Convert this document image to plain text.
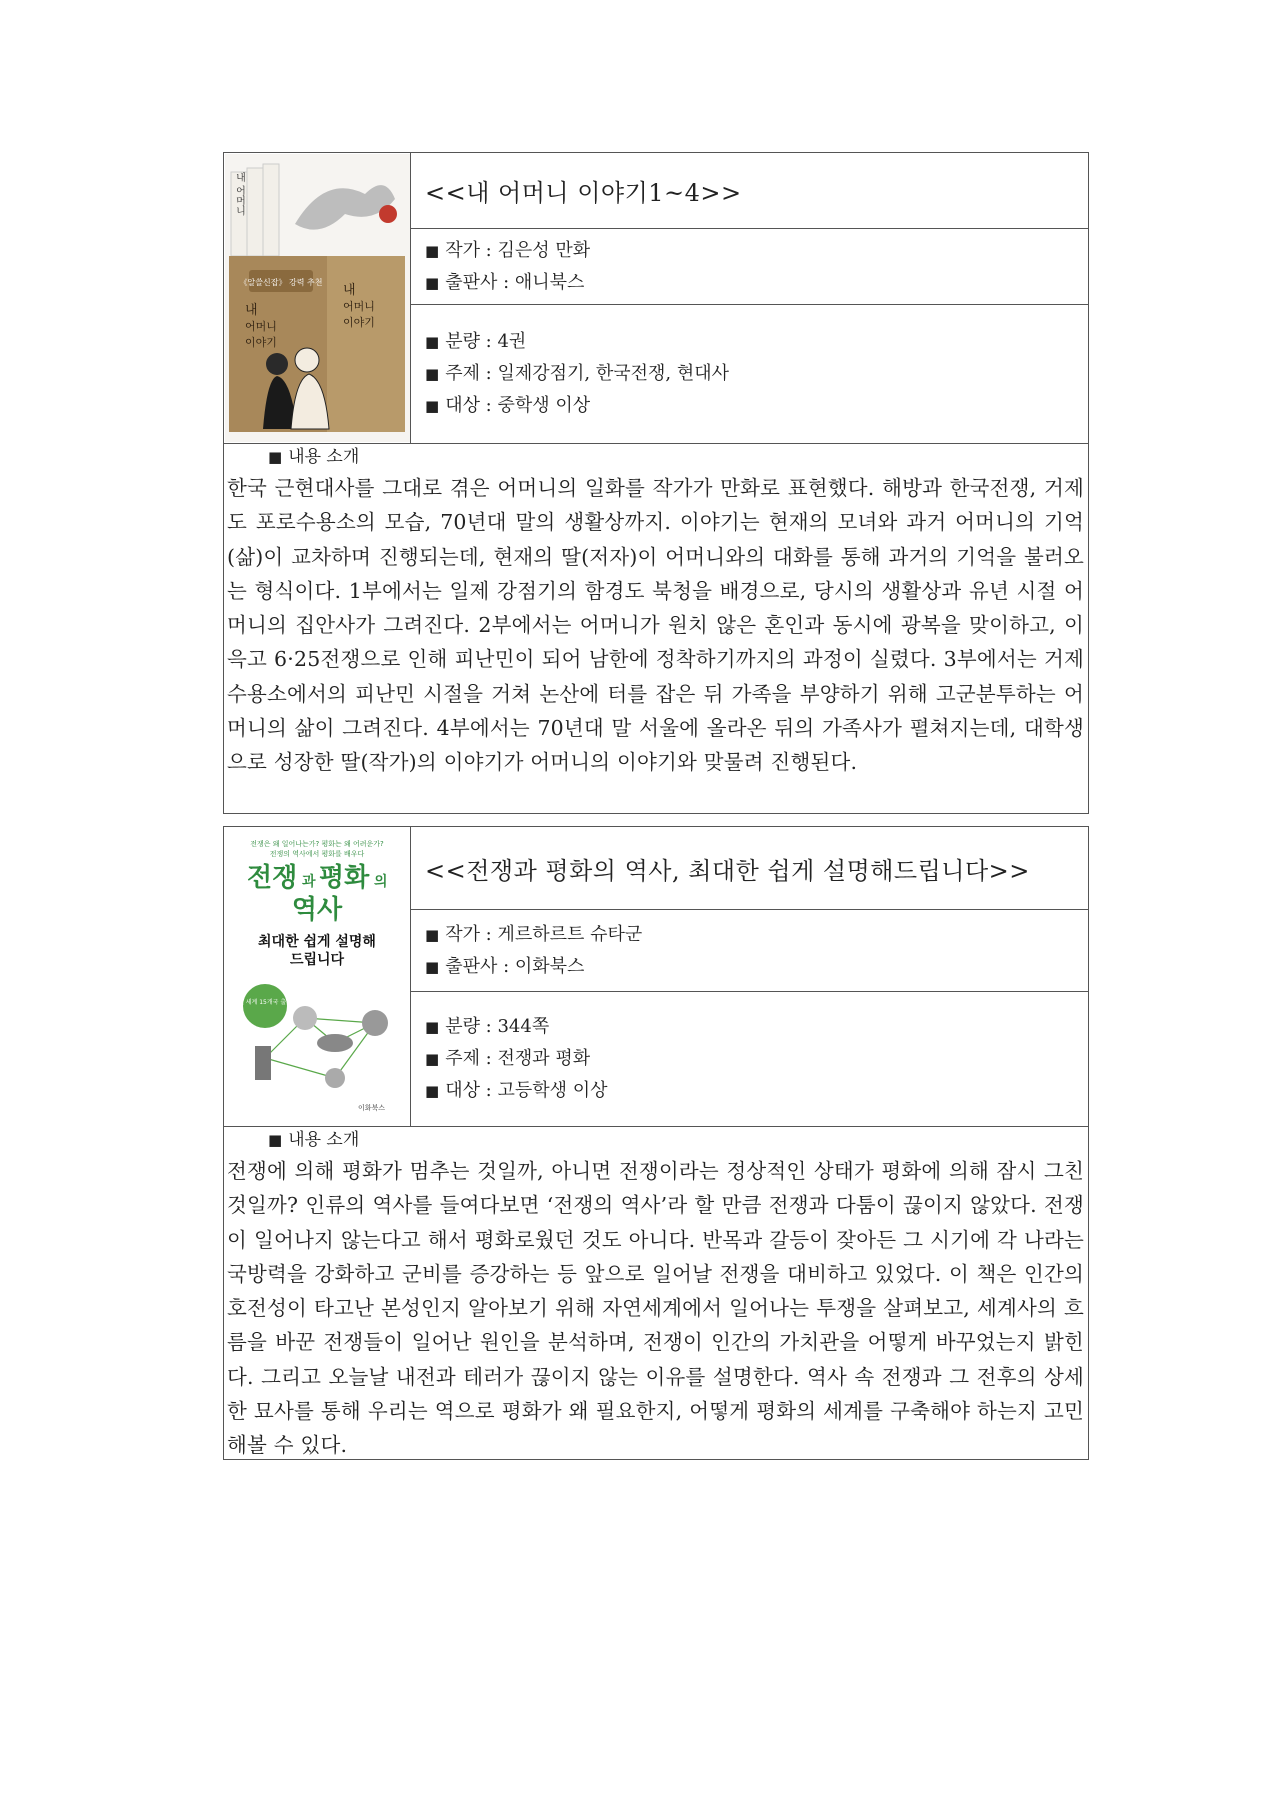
내 어머니
《알쓸신잡》 강력 추천
내
어머니
이야기
내
어머니
이야기
<<내 어머니 이야기1~4>>
■ 작가 : 김은성 만화
■ 출판사 : 애니북스
■ 분량 : 4권
■ 주제 : 일제강점기, 한국전쟁, 현대사
■ 대상 : 중학생 이상
■ 내용 소개
한국 근현대사를 그대로 겪은 어머니의 일화를 작가가 만화로 표현했다. 해방과 한국전쟁, 거제도 포로수용소의 모습, 70년대 말의 생활상까지. 이야기는 현재의 모녀와 과거 어머니의 기억(삶)이 교차하며 진행되는데, 현재의 딸(저자)이 어머니와의 대화를 통해 과거의 기억을 불러오는 형식이다. 1부에서는 일제 강점기의 함경도 북청을 배경으로, 당시의 생활상과 유년 시절 어머니의 집안사가 그려진다. 2부에서는 어머니가 원치 않은 혼인과 동시에 광복을 맞이하고, 이윽고 6·25전쟁으로 인해 피난민이 되어 남한에 정착하기까지의 과정이 실렸다. 3부에서는 거제 수용소에서의 피난민 시절을 거쳐 논산에 터를 잡은 뒤 가족을 부양하기 위해 고군분투하는 어머니의 삶이 그려진다. 4부에서는 70년대 말 서울에 올라온 뒤의 가족사가 펼쳐지는데, 대학생으로 성장한 딸(작가)의 이야기가 어머니의 이야기와 맞물려 진행된다.
전쟁은 왜 일어나는가? 평화는 왜 어려운가?
전쟁의 역사에서 평화를 배우다
전쟁 과 평화 의
역사
최대한 쉽게 설명해
드립니다
전 세계 15개국 출간
이화북스
<<전쟁과 평화의 역사, 최대한 쉽게 설명해드립니다>>
■ 작가 : 게르하르트 슈타군
■ 출판사 : 이화북스
■ 분량 : 344쪽
■ 주제 : 전쟁과 평화
■ 대상 : 고등학생 이상
■ 내용 소개
전쟁에 의해 평화가 멈추는 것일까, 아니면 전쟁이라는 정상적인 상태가 평화에 의해 잠시 그친 것일까? 인류의 역사를 들여다보면 ‘전쟁의 역사’라 할 만큼 전쟁과 다툼이 끊이지 않았다. 전쟁이 일어나지 않는다고 해서 평화로웠던 것도 아니다. 반목과 갈등이 잦아든 그 시기에 각 나라는 국방력을 강화하고 군비를 증강하는 등 앞으로 일어날 전쟁을 대비하고 있었다. 이 책은 인간의 호전성이 타고난 본성인지 알아보기 위해 자연세계에서 일어나는 투쟁을 살펴보고, 세계사의 흐름을 바꾼 전쟁들이 일어난 원인을 분석하며, 전쟁이 인간의 가치관을 어떻게 바꾸었는지 밝힌다. 그리고 오늘날 내전과 테러가 끊이지 않는 이유를 설명한다. 역사 속 전쟁과 그 전후의 상세한 묘사를 통해 우리는 역으로 평화가 왜 필요한지, 어떻게 평화의 세계를 구축해야 하는지 고민해볼 수 있다.
